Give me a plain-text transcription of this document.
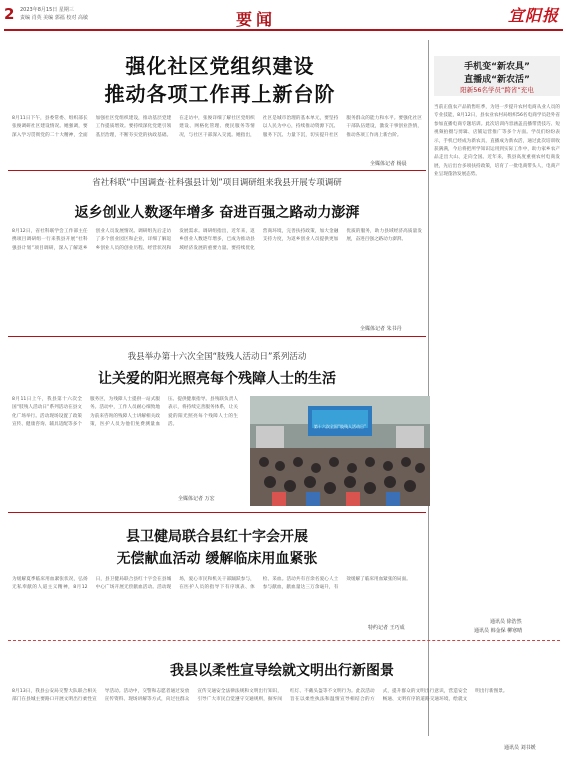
2 2023年8月15日 星期三
责编 肖英 美编 郭福 校对 高敏	要闻	宜阳报
强化社区党组织建设
推动各项工作再上新台阶
8月11日下午，县委常委、组织部长张俊调研社区建设情况。她强调，要深入学习贯彻党的二十大精神，全面加强社区党组织建设，推动基层党建工作提质增效。要持续深化党建引领基层治理，不断夯实党的执政基础。在走访中，张俊详细了解社区党组织建设、网格化管理、便民服务等情况，与社区干部深入交流。她指出，社区是城市治理的基本单元，要坚持以人民为中心，持续推动资源下沉、服务下沉、力量下沉，切实提升社区服务群众的能力和水平。要强化社区干部队伍建设，激发干事创业热情，推动各项工作再上新台阶。
全媒体记者 杨晨
省社科联“中国调查·社科强县计划”项目调研组来我县开展专项调研
返乡创业人数逐年增多 奋进百强之路动力澎湃
8月12日，省社科联学会工作部主任携项目调研组一行来我县开展“社科强县计划”项目调研，深入了解返乡创业人员发展情况。调研组先后走访了多个创业园区和企业，详细了解返乡创业人员的创业历程、经营状况和发展需求。调研组指出，近年来，返乡创业人数逐年增多，已成为推动县域经济发展的重要力量。要持续优化营商环境，完善扶持政策，加大金融支持力度，为返乡创业人员提供更加优质的服务，助力县域经济高质量发展，奋进百强之路动力澎湃。
全媒体记者 朱书丹
我县举办第十六次全国“肢残人活动日”系列活动
让关爱的阳光照亮每个残障人士的生活
8月11日上午，我县第十六次全国“肢残人活动日”系列活动在县文化广场举行。活动现场设置了政策宣传、健康咨询、辅具适配等多个服务区，为残障人士提供一站式服务。活动中，工作人员耐心细致地为前来咨询的残障人士讲解相关政策，医护人员为他们免费测量血压、提供健康指导。县残联负责人表示，将持续完善服务体系，让关爱的阳光照亮每个残障人士的生活。	第十六次全国“肢残人活动日”
全媒体记者 万宏
县卫健局联合县红十字会开展
无偿献血活动 缓解临床用血紧张
为缓解夏季临床用血紧张状况，弘扬无私奉献的人道主义精神，8月12日，县卫健局联合县红十字会在县城中心广场开展无偿献血活动。活动现场，爱心市民和机关干部踊跃参与，在医护人员的指导下有序填表、体检、采血。活动共有百余名爱心人士参与献血，献血量达三万余毫升，有效缓解了临床用血紧张的局面。
特约记者 王巧成
手机变“新农具”
直播成“新农活”
阳新56名学员“跨省”充电
当前正值农产品销售旺季，为进一步提升农村电商从业人员的专业技能，8月12日，县农业农村局组织56名电商学员赴外省参加直播电商专题培训。此次培训内容涵盖直播带货技巧、短视频拍摄与剪辑、店铺运营推广等多个方面。学员们纷纷表示，手机已经成为新农具，直播成为新农活，通过此次培训收获满满，今后将把所学知识运用到实际工作中，助力家乡农产品走出大山、走向全国。近年来，我县高度重视农村电商发展，先后出台多项扶持政策，培育了一批电商带头人，电商产业呈现蓬勃发展态势。
通讯员 徐浩然
通讯员 韩金保 柳寒晴
我县以柔性宣导绘就文明出行新图景
8月13日，我县公安局交警大队联合相关部门在县城主要路口开展文明出行柔性宣导活动。活动中，交警和志愿者通过发放宣传资料、现场讲解等方式，向过往群众宣传交通安全法律法规和文明出行知识，引导广大市民自觉遵守交通规则，摒弃闯红灯、不戴头盔等不文明行为。此次活动旨在以柔性执法和温情宣导相结合的方式，提升群众的文明出行意识，营造安全畅通、文明有序的道路交通环境，绘就文明出行新图景。
通讯员 刘书媛
